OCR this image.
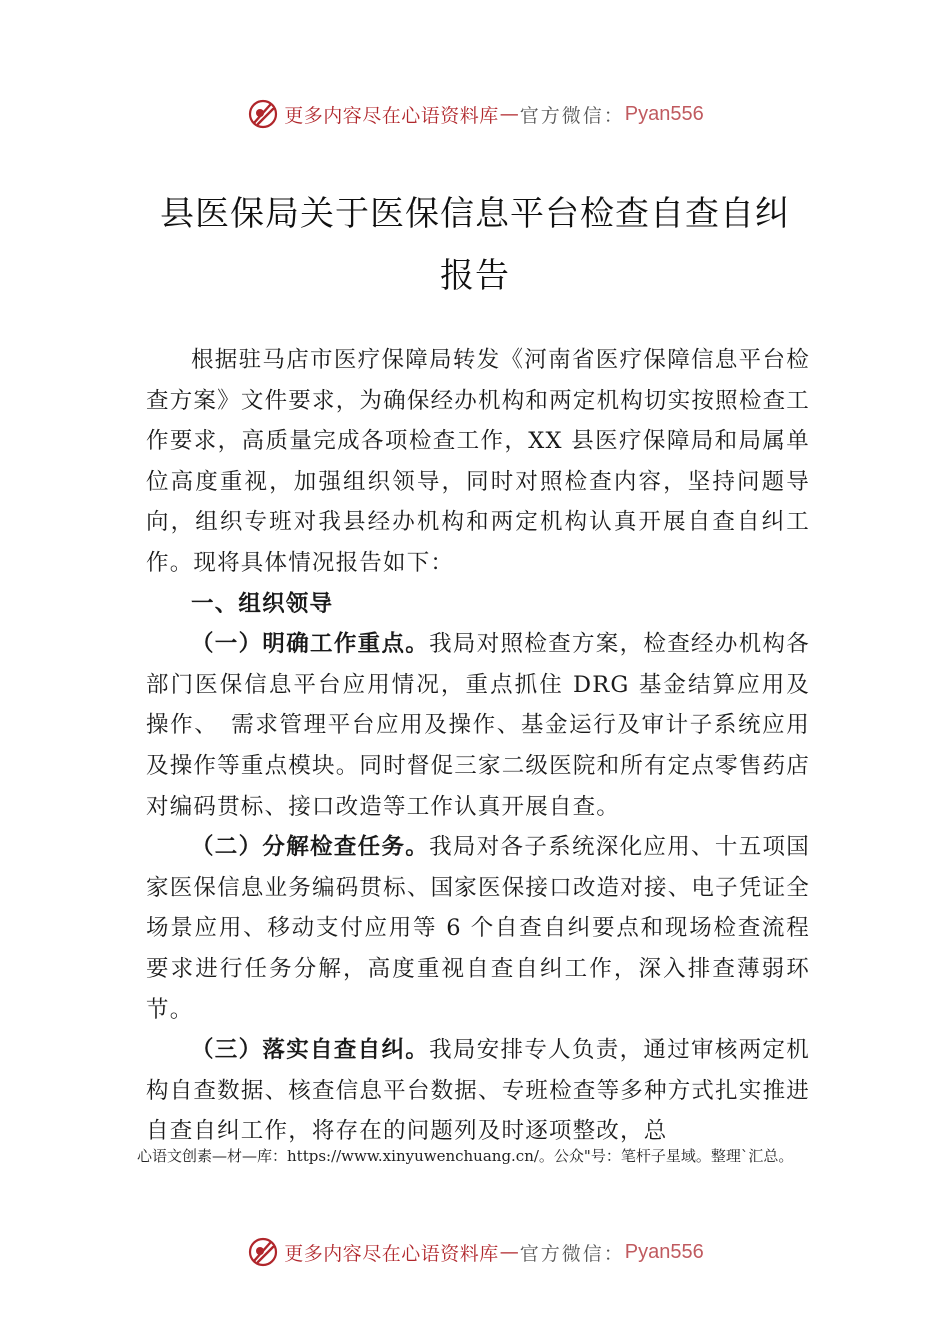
更多内容尽在心语资料库 — 官方微信： Pyan556
县医保局关于医保信息平台检查自查自纠
报告

根据驻马店市医疗保障局转发《河南省医疗保障信息平台检查方案》文件要求，为确保经办机构和两定机构切实按照检查工作要求，高质量完成各项检查工作，XX 县医疗保障局和局属单位高度重视，加强组织领导，同时对照检查内容，坚持问题导向，组织专班对我县经办机构和两定机构认真开展自查自纠工作。现将具体情况报告如下：

一、组织领导

（一）明确工作重点。我局对照检查方案，检查经办机构各部门医保信息平台应用情况，重点抓住 DRG 基金结算应用及操作、　需求管理平台应用及操作、基金运行及审计子系统应用及操作等重点模块。同时督促三家二级医院和所有定点零售药店对编码贯标、接口改造等工作认真开展自查。

（二）分解检查任务。我局对各子系统深化应用、十五项国家医保信息业务编码贯标、国家医保接口改造对接、电子凭证全场景应用、移动支付应用等 6 个自查自纠要点和现场检查流程要求进行任务分解，高度重视自查自纠工作，深入排查薄弱环节。

（三）落实自查自纠。我局安排专人负责，通过审核两定机构自查数据、核查信息平台数据、专班检查等多种方式扎实推进自查自纠工作，将存在的问题列及时逐项整改，总

心语文创素—材—库：https://www.xinyuwenchuang.cn/。公众"号：笔杆子星域。整理`汇总。
更多内容尽在心语资料库 — 官方微信： Pyan556
